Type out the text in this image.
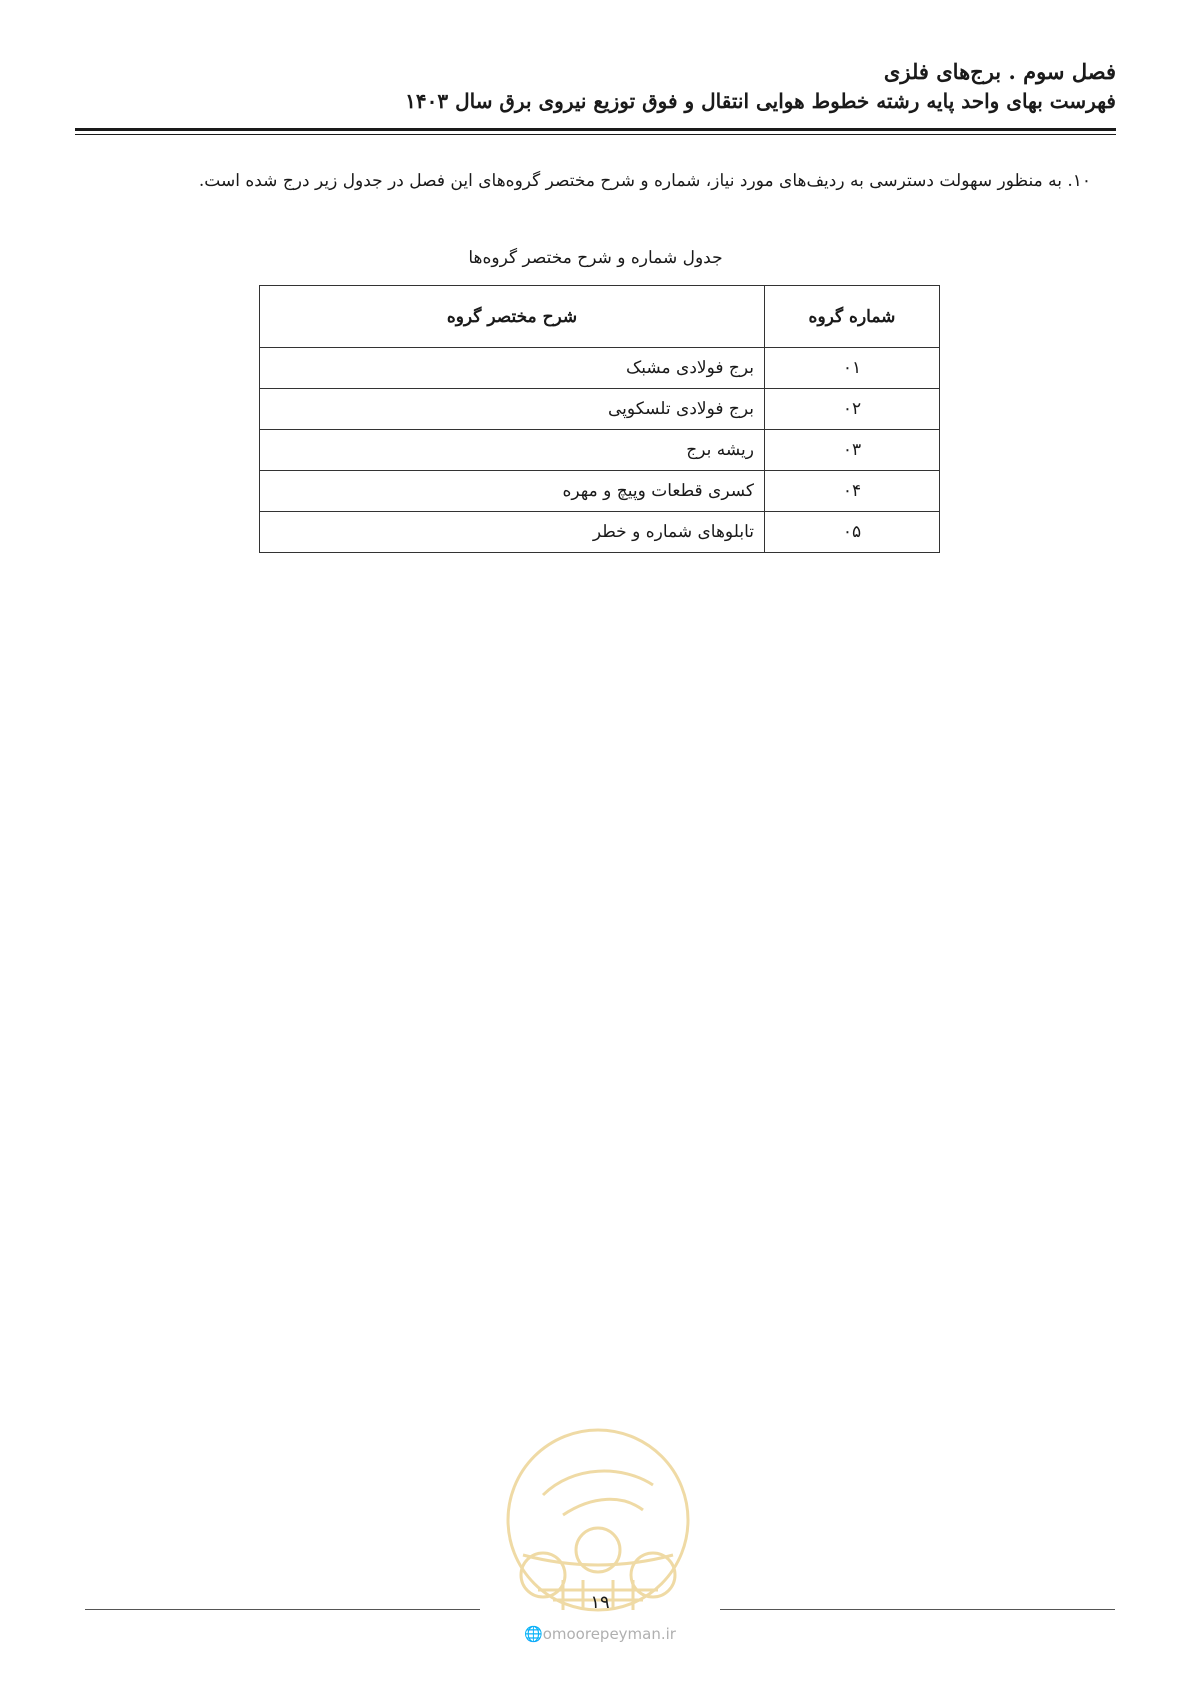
فصل سوم . برج‌های فلزی
فهرست بهای واحد پایه رشته خطوط هوایی انتقال و فوق توزیع نیروی برق سال ۱۴۰۳

۱۰. به منظور سهولت دسترسی به ردیف‌های مورد نیاز، شماره و شرح مختصر گروه‌های این فصل در جدول زیر درج شده است.

جدول شماره و شرح مختصر گروه‌ها
شماره گروه	شرح مختصر گروه
۰۱	برج فولادی مشبک
۰۲	برج فولادی تلسکوپی
۰۳	ریشه برج
۰۴	کسری قطعات وپیچ و مهره
۰۵	تابلوهای شماره و خطر
۱۹
🌐omoorepeyman.ir
